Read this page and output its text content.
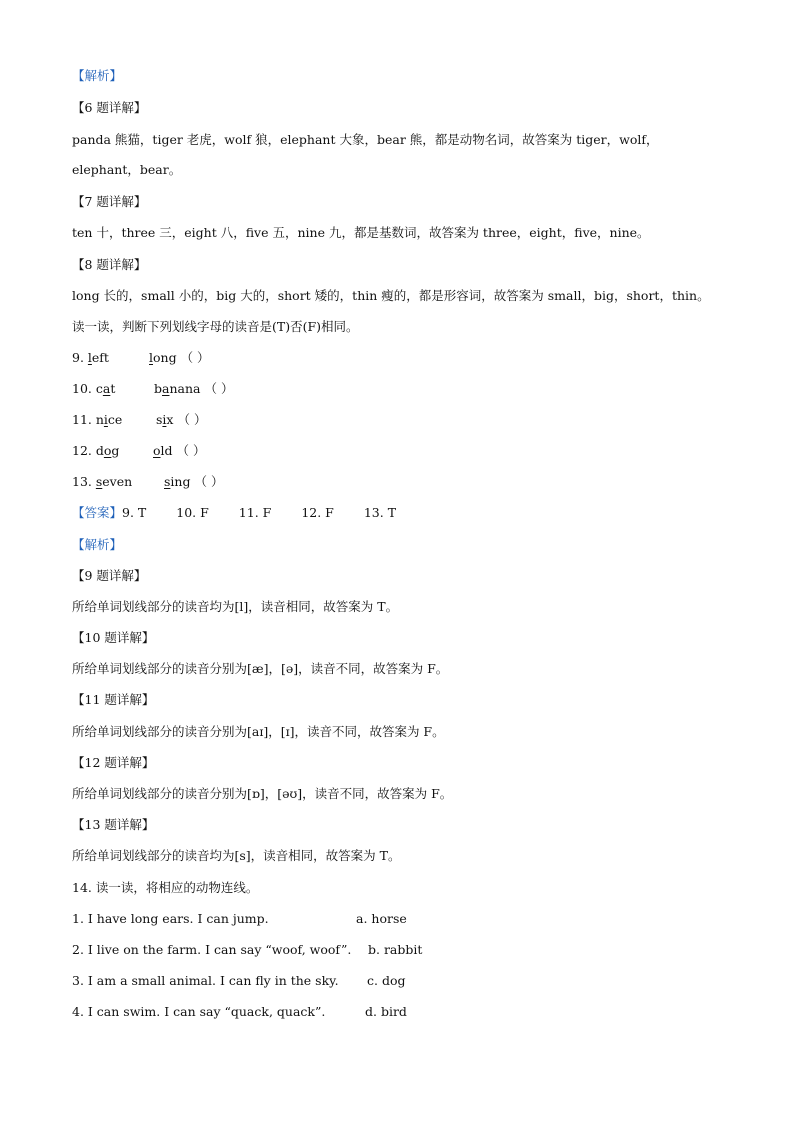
【解析】
【6 题详解】
panda 熊猫，tiger 老虎，wolf 狼，elephant 大象，bear 熊，都是动物名词，故答案为 tiger，wolf，
elephant，bear。
【7 题详解】
ten 十，three 三，eight 八，five 五，nine 九，都是基数词，故答案为 three，eight，five，nine。
【8 题详解】
long 长的，small 小的，big 大的，short 矮的，thin 瘦的，都是形容词，故答案为 small，big，short，thin。
读一读，判断下列划线字母的读音是(T)否(F)相同。
9. left	long （ ）
10. cat	banana （ ）
11. nice	six （ ）
12. dog	old （ ）
13. seven	sing （ ）
【答案】9. T 10. F 11. F 12. F 13. T
【解析】
【9 题详解】
所给单词划线部分的读音均为[l]，读音相同，故答案为 T。
【10 题详解】
所给单词划线部分的读音分别为[æ]，[ə]，读音不同，故答案为 F。
【11 题详解】
所给单词划线部分的读音分别为[aɪ]，[ɪ]，读音不同，故答案为 F。
【12 题详解】
所给单词划线部分的读音分别为[ɒ]，[əʊ]，读音不同，故答案为 F。
【13 题详解】
所给单词划线部分的读音均为[s]，读音相同，故答案为 T。
14. 读一读，将相应的动物连线。
1. I have long ears. I can jump.	a. horse
2. I live on the farm. I can say “woof, woof”. b. rabbit
3. I am a small animal. I can fly in the sky. c. dog
4. I can swim. I can say “quack, quack”.	d. bird
